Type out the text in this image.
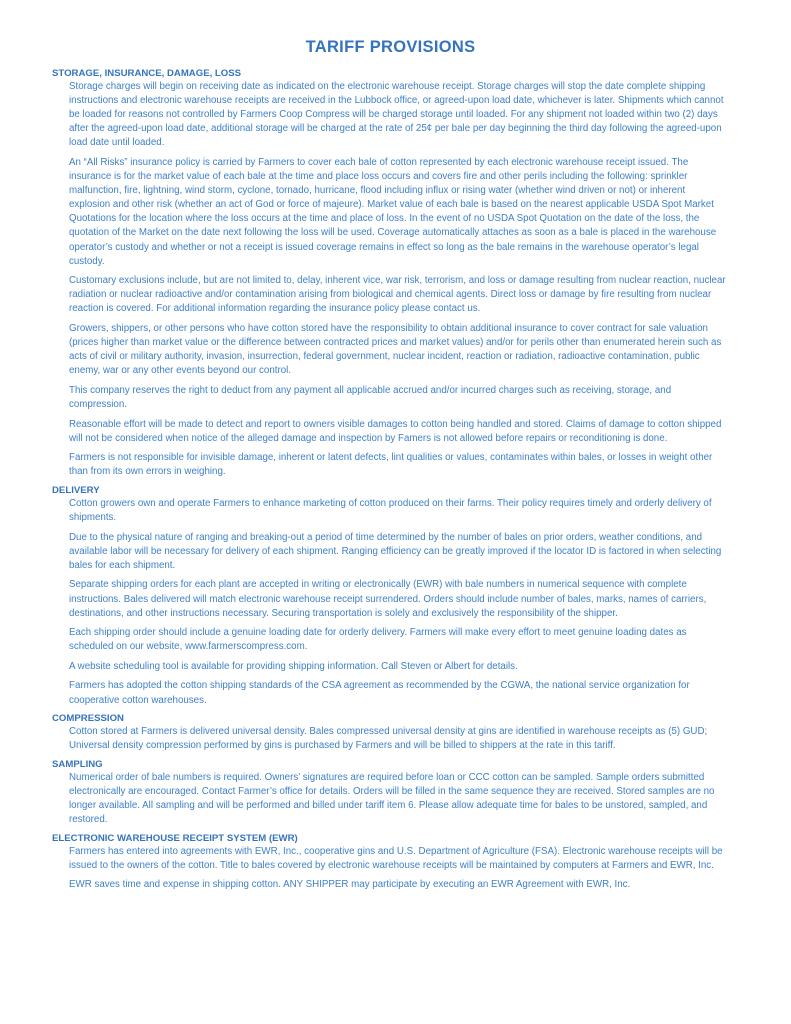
TARIFF PROVISIONS
STORAGE, INSURANCE, DAMAGE, LOSS

Storage charges will begin on receiving date as indicated on the electronic warehouse receipt. Storage charges will stop the date complete shipping instructions and electronic warehouse receipts are received in the Lubbock office, or agreed-upon load date, whichever is later. Shipments which cannot be loaded for reasons not controlled by Farmers Coop Compress will be charged storage until loaded. For any shipment not loaded within two (2) days after the agreed-upon load date, additional storage will be charged at the rate of 25¢ per bale per day beginning the third day following the agreed-upon load date until loaded.

An “All Risks” insurance policy is carried by Farmers to cover each bale of cotton represented by each electronic warehouse receipt issued. The insurance is for the market value of each bale at the time and place loss occurs and covers fire and other perils including the following: sprinkler malfunction, fire, lightning, wind storm, cyclone, tornado, hurricane, flood including influx or rising water (whether wind driven or not) or inherent explosion and other risk (whether an act of God or force of majeure). Market value of each bale is based on the nearest applicable USDA Spot Market Quotations for the location where the loss occurs at the time and place of loss. In the event of no USDA Spot Quotation on the date of the loss, the quotation of the Market on the date next following the loss will be used. Coverage automatically attaches as soon as a bale is placed in the warehouse operator’s custody and whether or not a receipt is issued coverage remains in effect so long as the bale remains in the warehouse operator’s legal custody.

Customary exclusions include, but are not limited to, delay, inherent vice, war risk, terrorism, and loss or damage resulting from nuclear reaction, nuclear radiation or nuclear radioactive and/or contamination arising from biological and chemical agents. Direct loss or damage by fire resulting from nuclear reaction is covered. For additional information regarding the insurance policy please contact us.

Growers, shippers, or other persons who have cotton stored have the responsibility to obtain additional insurance to cover contract for sale valuation (prices higher than market value or the difference between contracted prices and market values) and/or for perils other than enumerated herein such as acts of civil or military authority, invasion, insurrection, federal government, nuclear incident, reaction or radiation, radioactive contamination, public enemy, war or any other events beyond our control.

This company reserves the right to deduct from any payment all applicable accrued and/or incurred charges such as receiving, storage, and compression.

Reasonable effort will be made to detect and report to owners visible damages to cotton being handled and stored. Claims of damage to cotton shipped will not be considered when notice of the alleged damage and inspection by Famers is not allowed before repairs or reconditioning is done.

Farmers is not responsible for invisible damage, inherent or latent defects, lint qualities or values, contaminates within bales, or losses in weight other than from its own errors in weighing.

DELIVERY

Cotton growers own and operate Farmers to enhance marketing of cotton produced on their farms. Their policy requires timely and orderly delivery of shipments.

Due to the physical nature of ranging and breaking-out a period of time determined by the number of bales on prior orders, weather conditions, and available labor will be necessary for delivery of each shipment. Ranging efficiency can be greatly improved if the locator ID is factored in when selecting bales for each shipment.

Separate shipping orders for each plant are accepted in writing or electronically (EWR) with bale numbers in numerical sequence with complete instructions. Bales delivered will match electronic warehouse receipt surrendered. Orders should include number of bales, marks, names of carriers, destinations, and other instructions necessary. Securing transportation is solely and exclusively the responsibility of the shipper.

Each shipping order should include a genuine loading date for orderly delivery. Farmers will make every effort to meet genuine loading dates as scheduled on our website, www.farmerscompress.com.

A website scheduling tool is available for providing shipping information. Call Steven or Albert for details.

Farmers has adopted the cotton shipping standards of the CSA agreement as recommended by the CGWA, the national service organization for cooperative cotton warehouses.

COMPRESSION

Cotton stored at Farmers is delivered universal density. Bales compressed universal density at gins are identified in warehouse receipts as (5) GUD; Universal density compression performed by gins is purchased by Farmers and will be billed to shippers at the rate in this tariff.

SAMPLING

Numerical order of bale numbers is required. Owners’ signatures are required before loan or CCC cotton can be sampled. Sample orders submitted electronically are encouraged. Contact Farmer’s office for details. Orders will be filled in the same sequence they are received. Stored samples are no longer available. All sampling and will be performed and billed under tariff item 6. Please allow adequate time for bales to be unstored, sampled, and restored.

ELECTRONIC WAREHOUSE RECEIPT SYSTEM (EWR)

Farmers has entered into agreements with EWR, Inc., cooperative gins and U.S. Department of Agriculture (FSA). Electronic warehouse receipts will be issued to the owners of the cotton. Title to bales covered by electronic warehouse receipts will be maintained by computers at Farmers and EWR, Inc.

EWR saves time and expense in shipping cotton. ANY SHIPPER may participate by executing an EWR Agreement with EWR, Inc.
